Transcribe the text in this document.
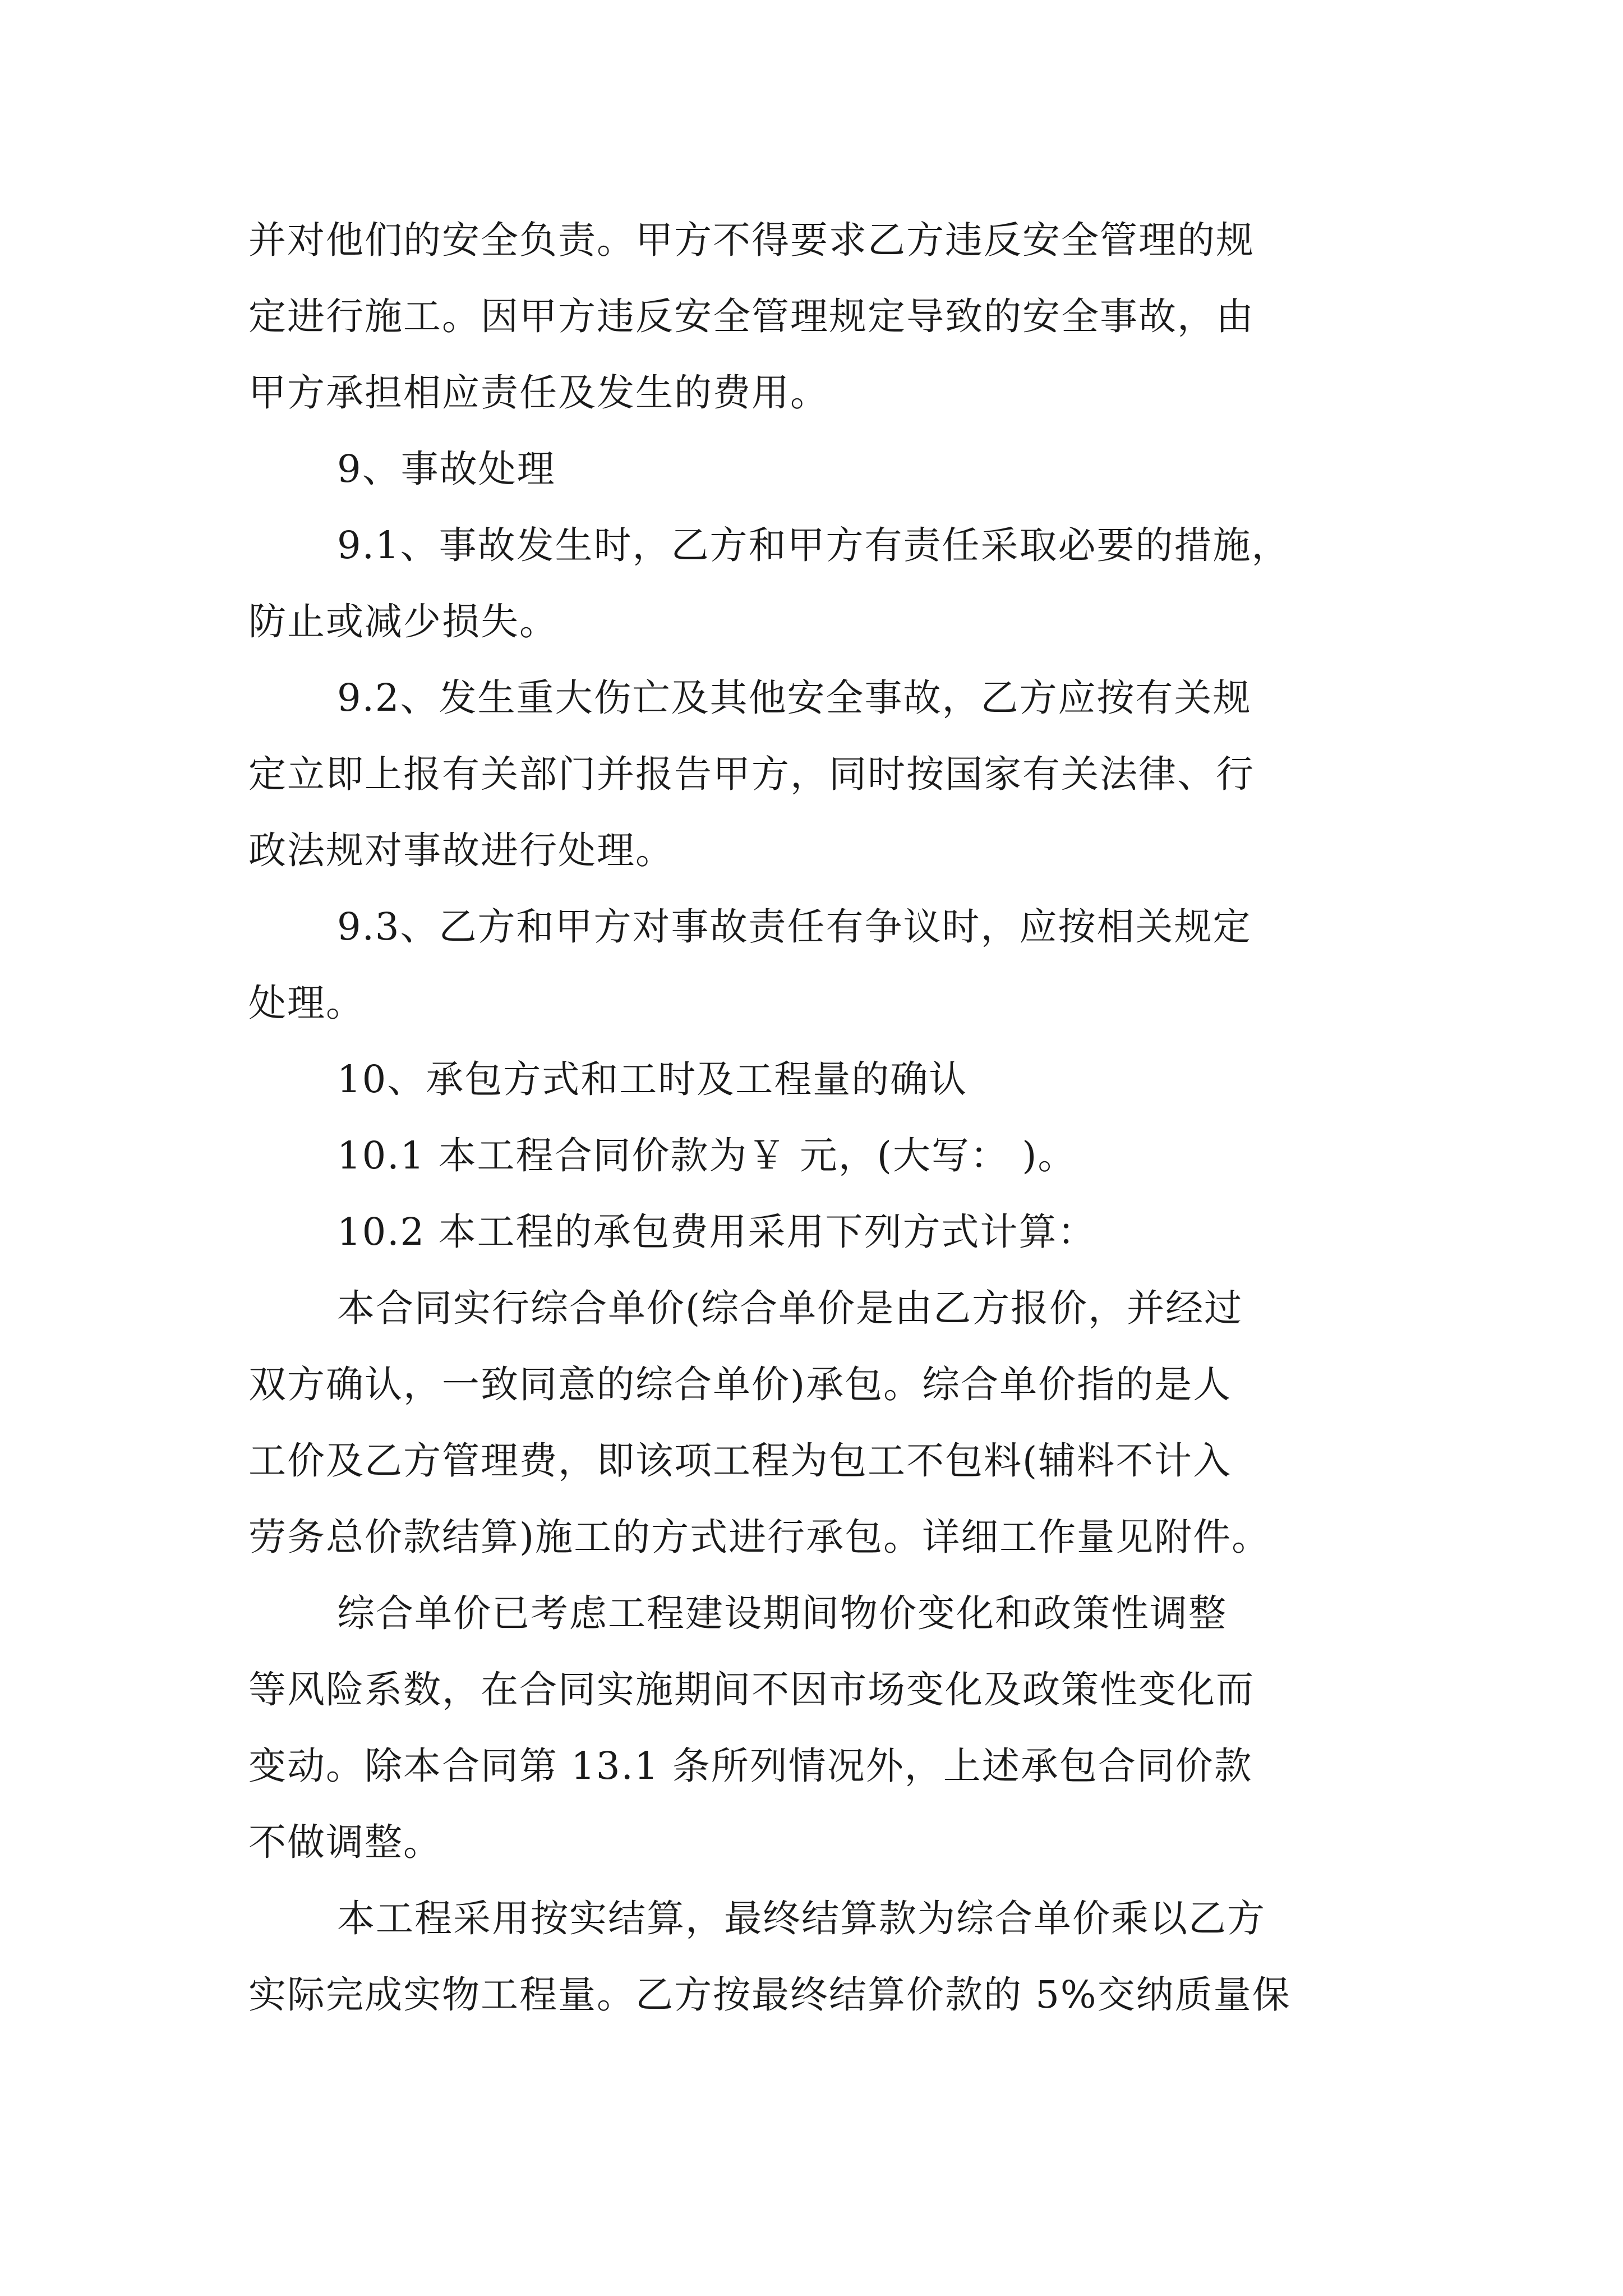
并对他们的安全负责。甲方不得要求乙方违反安全管理的规
定进行施工。因甲方违反安全管理规定导致的安全事故，由
甲方承担相应责任及发生的费用。
9、事故处理
9.1、事故发生时，乙方和甲方有责任采取必要的措施，
防止或减少损失。
9.2、发生重大伤亡及其他安全事故，乙方应按有关规
定立即上报有关部门并报告甲方，同时按国家有关法律、行
政法规对事故进行处理。
9.3、乙方和甲方对事故责任有争议时，应按相关规定
处理。
10、承包方式和工时及工程量的确认
10.1 本工程合同价款为￥ 元，(大写： )。
10.2 本工程的承包费用采用下列方式计算：
本合同实行综合单价(综合单价是由乙方报价，并经过
双方确认，一致同意的综合单价)承包。综合单价指的是人
工价及乙方管理费，即该项工程为包工不包料(辅料不计入
劳务总价款结算)施工的方式进行承包。详细工作量见附件。
综合单价已考虑工程建设期间物价变化和政策性调整
等风险系数，在合同实施期间不因市场变化及政策性变化而
变动。除本合同第 13.1 条所列情况外，上述承包合同价款
不做调整。
本工程采用按实结算，最终结算款为综合单价乘以乙方
实际完成实物工程量。乙方按最终结算价款的 5%交纳质量保
